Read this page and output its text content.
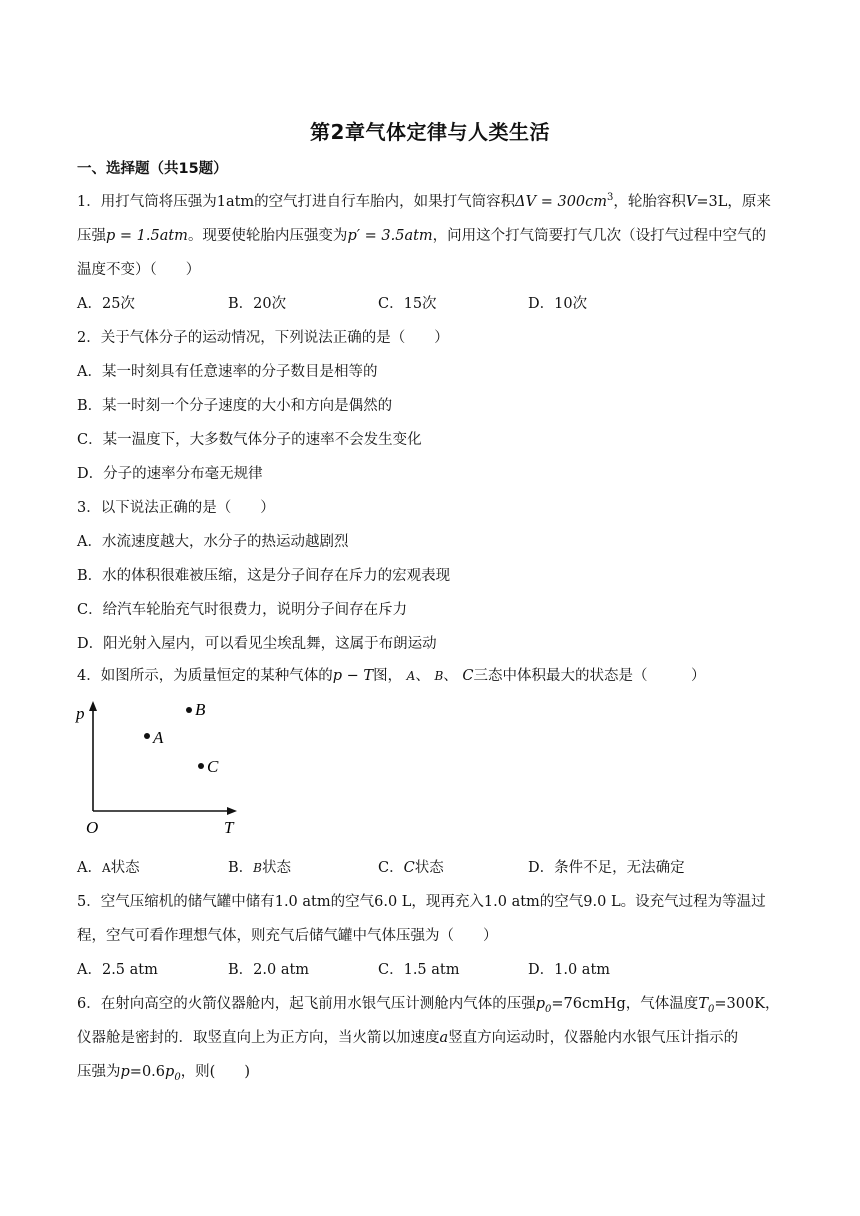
第2章气体定律与人类生活
一、选择题（共15题）
1．用打气筒将压强为1atm的空气打进自行车胎内，如果打气筒容积$\Delta V = 300cm^3$，轮胎容积V=3L，原来
压强p = 1.5atm。现要使轮胎内压强变为p′ = 3.5atm，问用这个打气筒要打气几次（设打气过程中空气的
温度不变）（　　）
A．25次	B．20次	C．15次	D．10次
2．关于气体分子的运动情况，下列说法正确的是（　　）
A．某一时刻具有任意速率的分子数目是相等的
B．某一时刻一个分子速度的大小和方向是偶然的
C．某一温度下，大多数气体分子的速率不会发生变化
D．分子的速率分布毫无规律
3．以下说法正确的是（　　）
A．水流速度越大，水分子的热运动越剧烈
B．水的体积很难被压缩，这是分子间存在斥力的宏观表现
C．给汽车轮胎充气时很费力，说明分子间存在斥力
D．阳光射入屋内，可以看见尘埃乱舞，这属于布朗运动
4．如图所示，为质量恒定的某种气体的p − T图， A、 B、 C三态中体积最大的状态是（　　　）
p
T
O
A
B
C
A．A状态	B．B状态	C．C状态	D．条件不足，无法确定
5．空气压缩机的储气罐中储有1.0 atm的空气6.0 L，现再充入1.0 atm的空气9.0 L。设充气过程为等温过
程，空气可看作理想气体，则充气后储气罐中气体压强为（　　）
A．2.5 atm	B．2.0 atm	C．1.5 atm	D．1.0 atm
6．在射向高空的火箭仪器舱内，起飞前用水银气压计测舱内气体的压强$p_0=76cmHg$，气体温度$T_0=300K$，
仪器舱是密封的．取竖直向上为正方向，当火箭以加速度a竖直方向运动时，仪器舱内水银气压计指示的
压强为$p=0.6p_0$，则(　　)
